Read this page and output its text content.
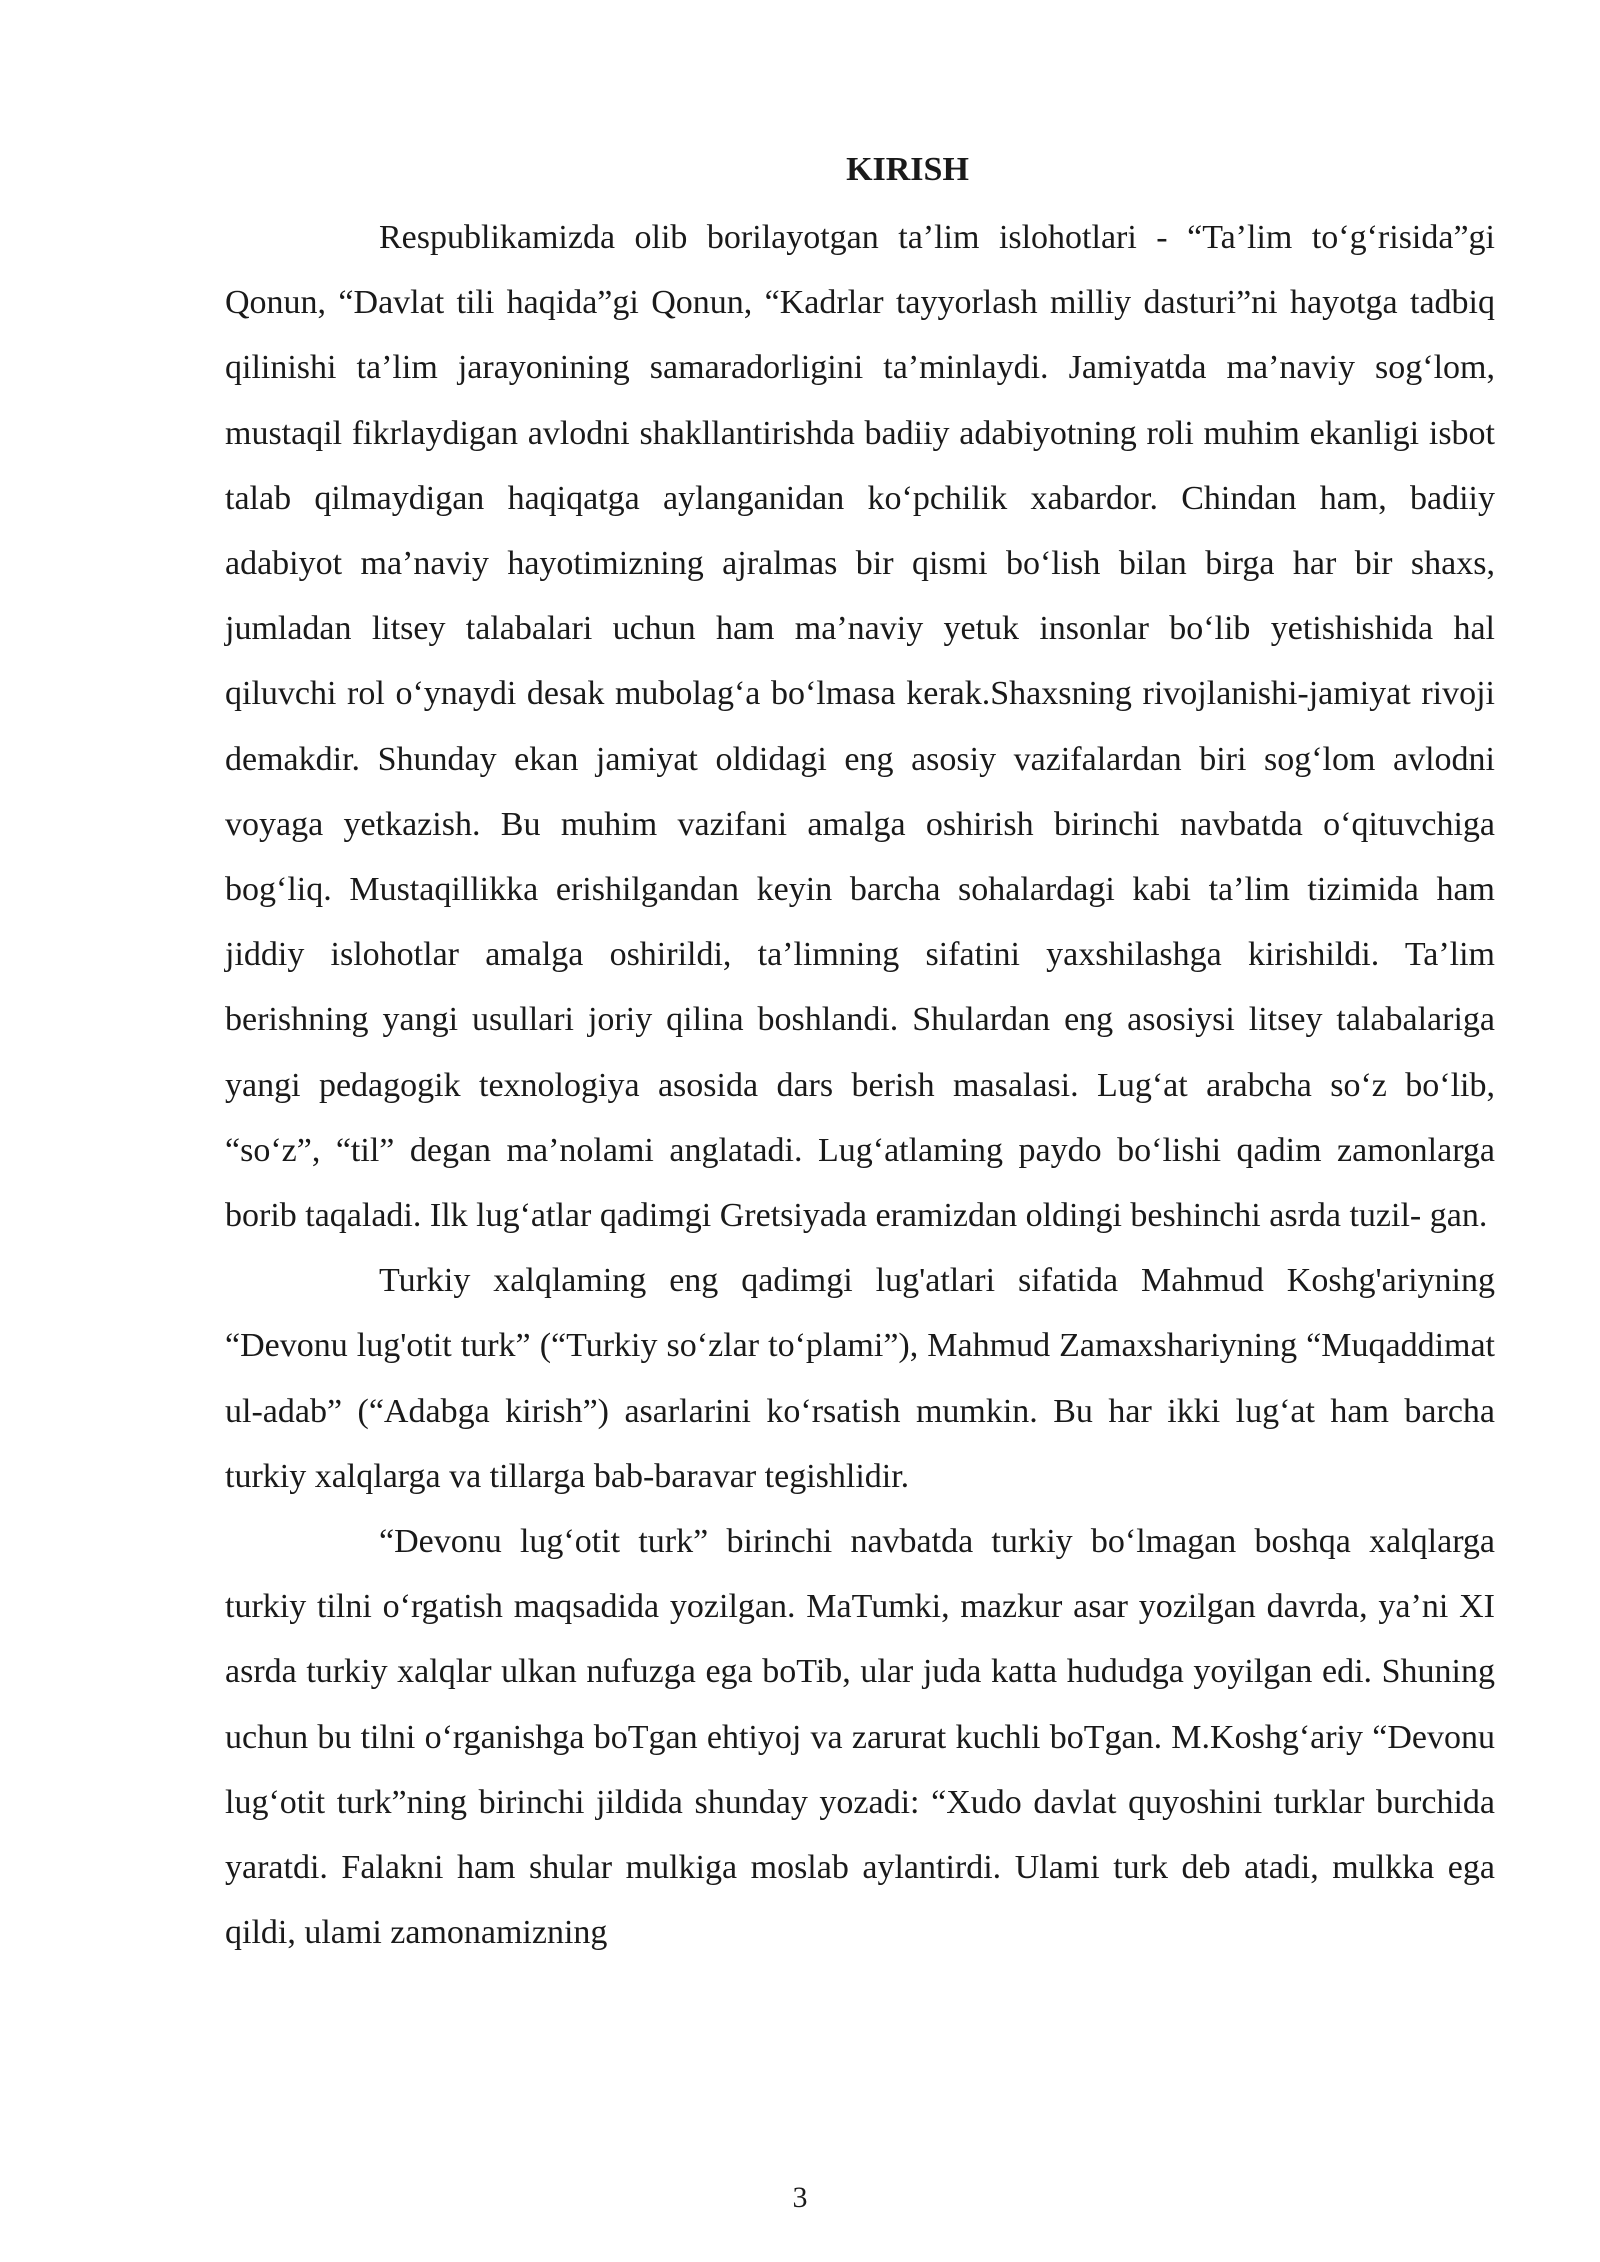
KIRISH

Respublikamizda olib borilayotgan ta’lim islohotlari - “Ta’lim to‘g‘risida”gi Qonun, “Davlat tili haqida”gi Qonun, “Kadrlar tayyorlash milliy dasturi”ni hayotga tadbiq qilinishi ta’lim jarayonining samaradorligini ta’minlaydi. Jamiyatda ma’naviy sog‘lom, mustaqil fikrlaydigan avlodni shakllantirishda badiiy adabiyotning roli muhim ekanligi isbot talab qilmaydigan haqiqatga aylanganidan ko‘pchilik xabardor. Chindan ham, badiiy adabiyot ma’naviy hayotimizning ajralmas bir qismi bo‘lish bilan birga har bir shaxs, jumladan litsey talabalari uchun ham ma’naviy yetuk insonlar bo‘lib yetishishida hal qiluvchi rol o‘ynaydi desak mubolag‘a bo‘lmasa kerak.Shaxsning rivojlanishi-jamiyat rivoji demakdir. Shunday ekan jamiyat oldidagi eng asosiy vazifalardan biri sog‘lom avlodni voyaga yetkazish. Bu muhim vazifani amalga oshirish birinchi navbatda o‘qituvchiga bog‘liq. Mustaqillikka erishilgandan keyin barcha sohalardagi kabi ta’lim tizimida ham jiddiy islohotlar amalga oshirildi, ta’limning sifatini yaxshilashga kirishildi. Ta’lim berishning yangi usullari joriy qilina boshlandi. Shulardan eng asosiysi litsey talabalariga yangi pedagogik texnologiya asosida dars berish masalasi. Lug‘at arabcha so‘z bo‘lib, “so‘z”, “til” degan ma’nolami anglatadi. Lug‘atlaming paydo bo‘lishi qadim zamonlarga borib taqaladi. Ilk lug‘atlar qadimgi Gretsiyada eramizdan oldingi beshinchi asrda tuzil- gan.

Turkiy xalqlaming eng qadimgi lug'atlari sifatida Mahmud Koshg'ariyning “Devonu lug'otit turk” (“Turkiy so‘zlar to‘plami”), Mahmud Zamaxshariyning “Muqaddimat ul-adab” (“Adabga kirish”) asarlarini ko‘rsatish mumkin. Bu har ikki lug‘at ham barcha turkiy xalqlarga va tillarga bab-baravar tegishlidir.

“Devonu lug‘otit turk” birinchi navbatda turkiy bo‘lmagan boshqa xalqlarga turkiy tilni o‘rgatish maqsadida yozilgan. MaTumki, mazkur asar yozilgan davrda, ya’ni XI asrda turkiy xalqlar ulkan nufuzga ega boTib, ular juda katta hududga yoyilgan edi. Shuning uchun bu tilni o‘rganishga boTgan ehtiyoj va zarurat kuchli boTgan. M.Koshg‘ariy “Devonu lug‘otit turk”ning birinchi jildida shunday yozadi: “Xudo davlat quyoshini turklar burchida yaratdi. Falakni ham shular mulkiga moslab aylantirdi. Ulami turk deb atadi, mulkka ega qildi, ulami zamonamizning

3
